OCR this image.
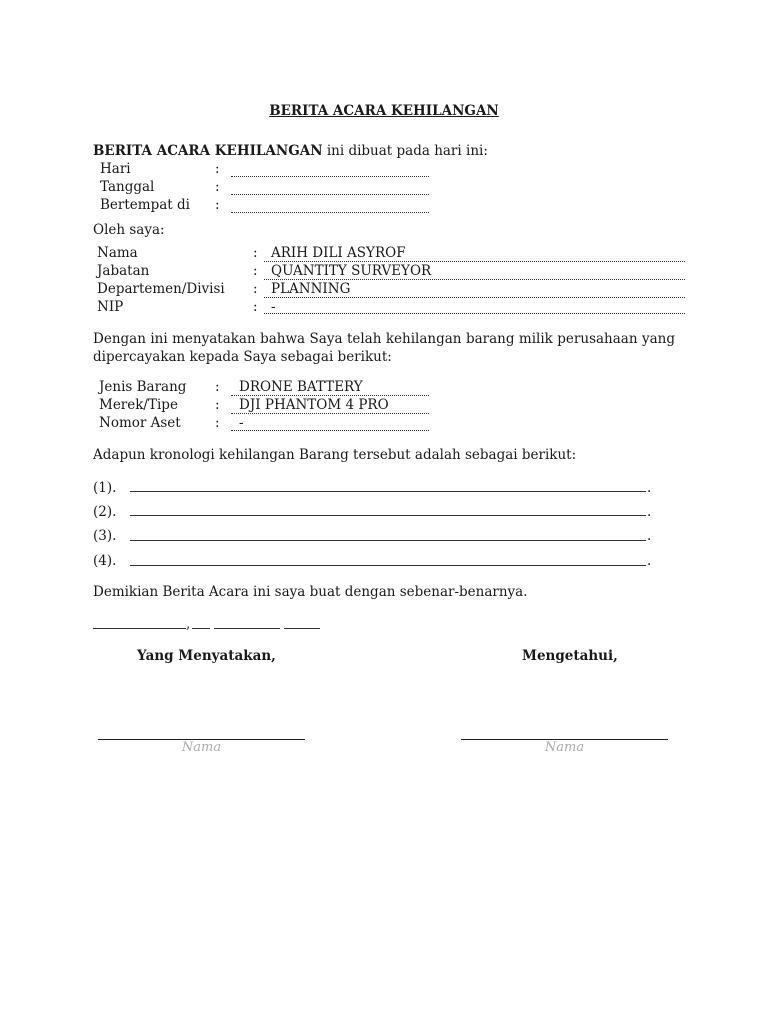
BERITA ACARA KEHILANGAN
BERITA ACARA KEHILANGAN ini dibuat pada hari ini:
Hari	:
Tanggal	:
Bertempat di :
Oleh saya:
Nama	: ARIH DILI ASYROF
Jabatan	: QUANTITY SURVEYOR
Departemen/Divisi : PLANNING
NIP	: -
Dengan ini menyatakan bahwa Saya telah kehilangan barang milik perusahaan yang dipercayakan kepada Saya sebagai berikut:
Jenis Barang : DRONE BATTERY
Merek/Tipe	: DJI PHANTOM 4 PRO
Nomor Aset	: -
Adapun kronologi kehilangan Barang tersebut adalah sebagai berikut:
(1).	.
(2).	.
(3).	.
(4).	.
Demikian Berita Acara ini saya buat dengan sebenar-benarnya.
,
Yang Menyatakan,	Mengetahui,
Nama	Nama
